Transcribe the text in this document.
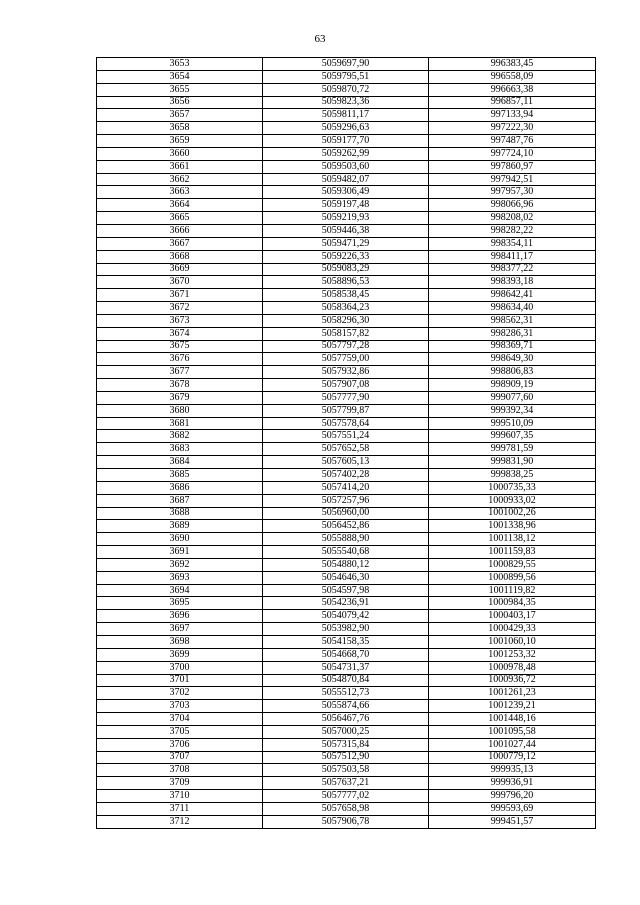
63
3653	5059697,90	996383,45
3654	5059795,51	996558,09
3655	5059870,72	996663,38
3656	5059823,36	996857,11
3657	5059811,17	997133,94
3658	5059296,63	997222,30
3659	5059177,70	997487,76
3660	5059262,99	997724,10
3661	5059503,60	997860,97
3662	5059482,07	997942,51
3663	5059306,49	997957,30
3664	5059197,48	998066,96
3665	5059219,93	998208,02
3666	5059446,38	998282,22
3667	5059471,29	998354,11
3668	5059226,33	998411,17
3669	5059083,29	998377,22
3670	5058896,53	998393,18
3671	5058538,45	998642,41
3672	5058364,23	998634,40
3673	5058296,30	998562,31
3674	5058157,82	998286,31
3675	5057797,28	998369,71
3676	5057759,00	998649,30
3677	5057932,86	998806,83
3678	5057907,08	998909,19
3679	5057777,90	999077,60
3680	5057799,87	999392,34
3681	5057578,64	999510,09
3682	5057551,24	999607,35
3683	5057652,58	999781,59
3684	5057605,13	999831,90
3685	5057402,28	999838,25
3686	5057414,20	1000735,33
3687	5057257,96	1000933,02
3688	5056960,00	1001002,26
3689	5056452,86	1001338,96
3690	5055888,90	1001138,12
3691	5055540,68	1001159,83
3692	5054880,12	1000829,55
3693	5054646,30	1000899,56
3694	5054597,98	1001119,82
3695	5054236,91	1000984,35
3696	5054079,42	1000403,17
3697	5053982,90	1000429,33
3698	5054158,35	1001060,10
3699	5054668,70	1001253,32
3700	5054731,37	1000978,48
3701	5054870,84	1000936,72
3702	5055512,73	1001261,23
3703	5055874,66	1001239,21
3704	5056467,76	1001448,16
3705	5057000,25	1001095,58
3706	5057315,84	1001027,44
3707	5057512,90	1000779,12
3708	5057503,58	999935,13
3709	5057637,21	999936,91
3710	5057777,02	999796,20
3711	5057658,98	999593,69
3712	5057906,78	999451,57
